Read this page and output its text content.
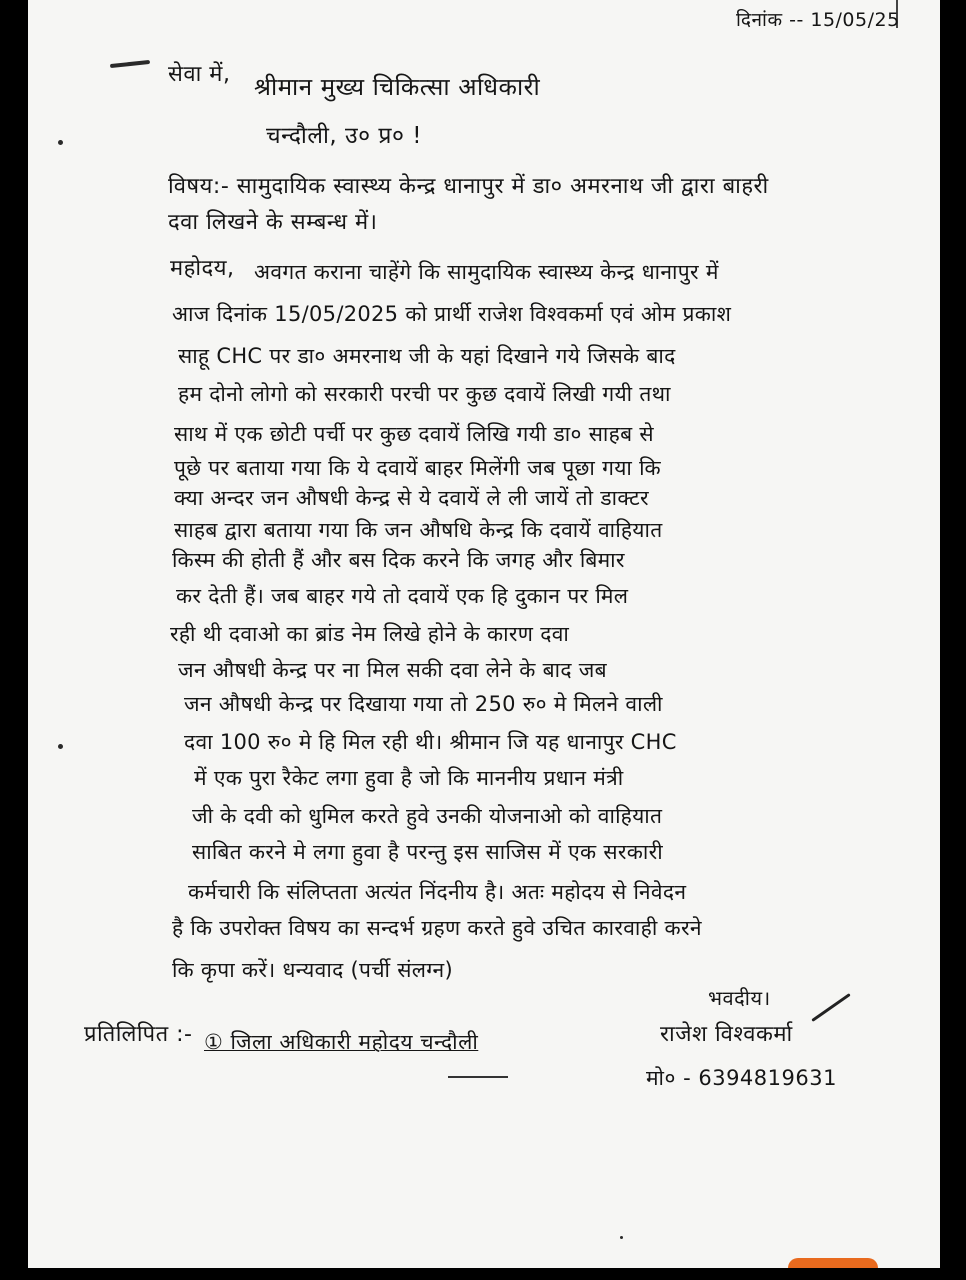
दिनांक -- 15/05/25
सेवा में, श्रीमान मुख्य चिकित्सा अधिकारी
चन्दौली, उ० प्र० !
विषय:- सामुदायिक स्वास्थ्य केन्द्र धानापुर में डा० अमरनाथ जी द्वारा बाहरी
दवा लिखने के सम्बन्ध में।
महोदय, अवगत कराना चाहेंगे कि सामुदायिक स्वास्थ्य केन्द्र धानापुर में
आज दिनांक 15/05/2025 को प्रार्थी राजेश विश्वकर्मा एवं ओम प्रकाश
साहू CHC पर डा० अमरनाथ जी के यहां दिखाने गये जिसके बाद
हम दोनो लोगो को सरकारी परची पर कुछ दवायें लिखी गयी तथा
साथ में एक छोटी पर्ची पर कुछ दवायें लिखि गयी डा० साहब से
पूछे पर बताया गया कि ये दवायें बाहर मिलेंगी जब पूछा गया कि
क्या अन्दर जन औषधी केन्द्र से ये दवायें ले ली जायें तो डाक्टर
साहब द्वारा बताया गया कि जन औषधि केन्द्र कि दवायें वाहियात
किस्म की होती हैं और बस दिक करने कि जगह और बिमार
कर देती हैं। जब बाहर गये तो दवायें एक हि दुकान पर मिल
रही थी दवाओ का ब्रांड नेम लिखे होने के कारण दवा
जन औषधी केन्द्र पर ना मिल सकी दवा लेने के बाद जब
जन औषधी केन्द्र पर दिखाया गया तो 250 रु० मे मिलने वाली
दवा 100 रु० मे हि मिल रही थी। श्रीमान जि यह धानापुर CHC
में एक पुरा रैकेट लगा हुवा है जो कि माननीय प्रधान मंत्री
जी के दवी को धुमिल करते हुवे उनकी योजनाओ को वाहियात
साबित करने मे लगा हुवा है परन्तु इस साजिस में एक सरकारी
कर्मचारी कि संलिप्तता अत्यंत निंदनीय है। अतः महोदय से निवेदन
है कि उपरोक्त विषय का सन्दर्भ ग्रहण करते हुवे उचित कारवाही करने
कि कृपा करें। धन्यवाद (पर्ची संलग्न)
भवदीय।
प्रतिलिपित :- ① जिला अधिकारी महोदय चन्दौली	राजेश विश्वकर्मा
मो० - 6394819631
